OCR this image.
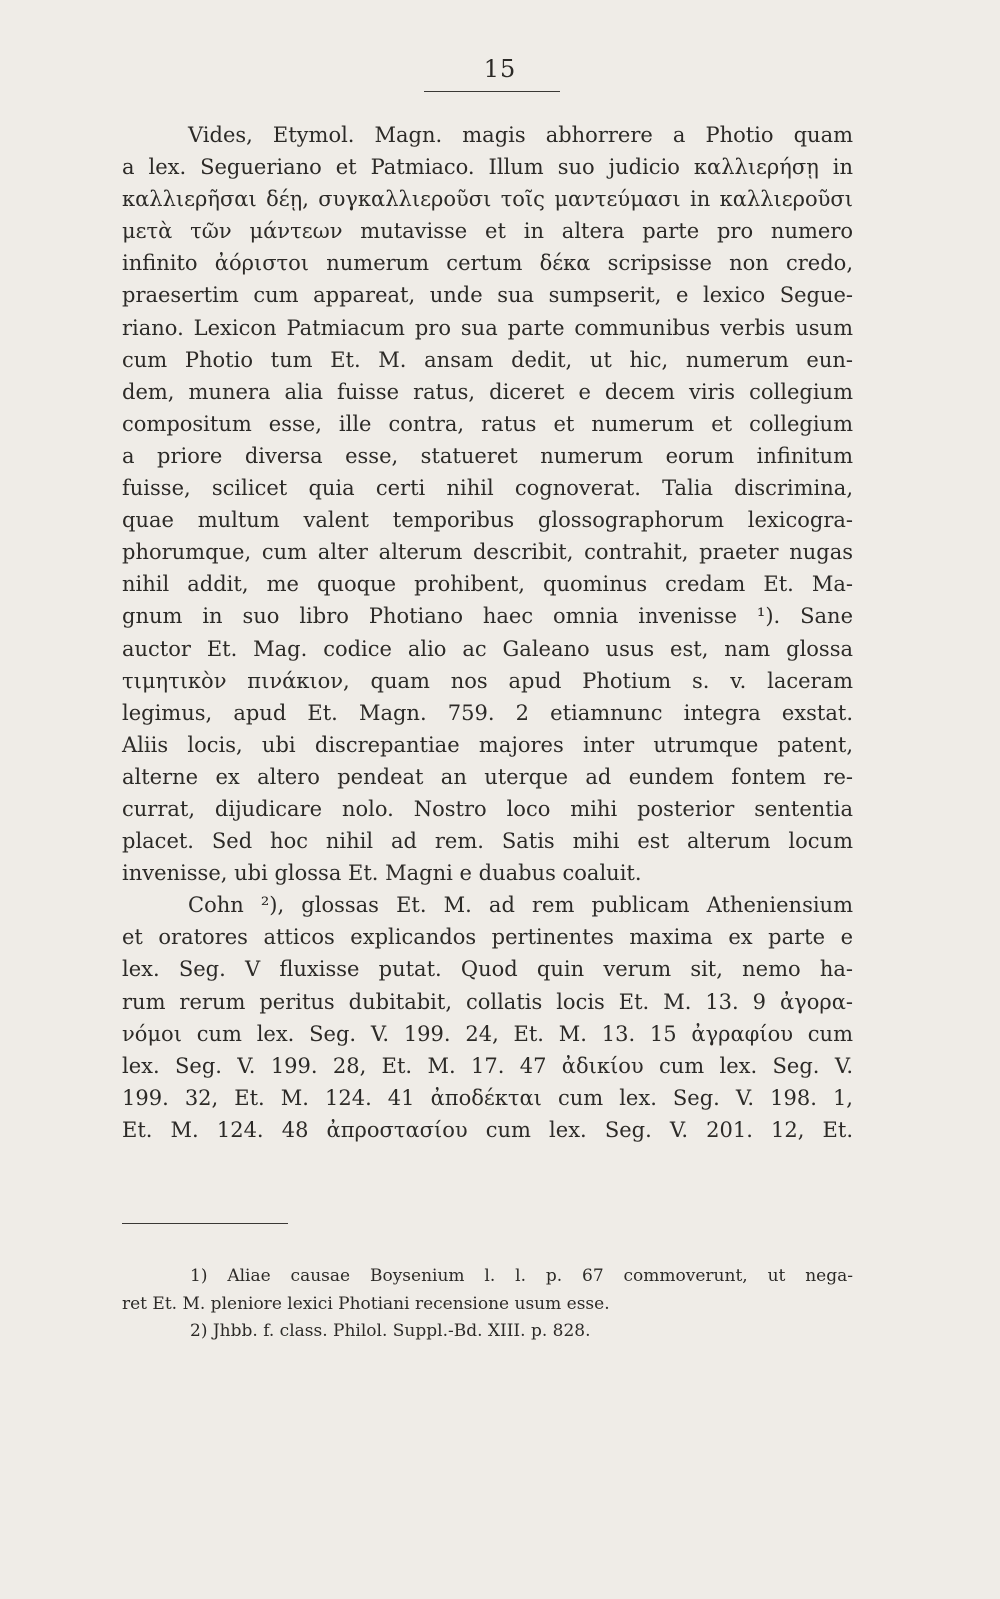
15
Vides, Etymol. Magn. magis abhorrere a Photio quam
a lex. Segueriano et Patmiaco. Illum suo judicio καλλιερήσῃ in
καλλιερῆσαι δέῃ, συγκαλλιεροῦσι τοῖς μαντεύμασι in καλλιεροῦσι
μετὰ τῶν μάντεων mutavisse et in altera parte pro numero
infinito ἀόριστοι numerum certum δέκα scripsisse non credo,
praesertim cum appareat, unde sua sumpserit, e lexico Segue-
riano. Lexicon Patmiacum pro sua parte communibus verbis usum
cum Photio tum Et. M. ansam dedit, ut hic, numerum eun-
dem, munera alia fuisse ratus, diceret e decem viris collegium
compositum esse, ille contra, ratus et numerum et collegium
a priore diversa esse, statueret numerum eorum infinitum
fuisse, scilicet quia certi nihil cognoverat. Talia discrimina,
quae multum valent temporibus glossographorum lexicogra-
phorumque, cum alter alterum describit, contrahit, praeter nugas
nihil addit, me quoque prohibent, quominus credam Et. Ma-
gnum in suo libro Photiano haec omnia invenisse ¹). Sane
auctor Et. Mag. codice alio ac Galeano usus est, nam glossa
τιμητικὸν πινάκιον, quam nos apud Photium s. v. laceram
legimus, apud Et. Magn. 759. 2 etiamnunc integra exstat.
Aliis locis, ubi discrepantiae majores inter utrumque patent,
alterne ex altero pendeat an uterque ad eundem fontem re-
currat, dijudicare nolo. Nostro loco mihi posterior sententia
placet. Sed hoc nihil ad rem. Satis mihi est alterum locum
invenisse, ubi glossa Et. Magni e duabus coaluit.
Cohn ²), glossas Et. M. ad rem publicam Atheniensium
et oratores atticos explicandos pertinentes maxima ex parte e
lex. Seg. V fluxisse putat. Quod quin verum sit, nemo ha-
rum rerum peritus dubitabit, collatis locis Et. M. 13. 9 ἀγορα-
νόμοι cum lex. Seg. V. 199. 24, Et. M. 13. 15 ἀγραφίου cum
lex. Seg. V. 199. 28, Et. M. 17. 47 ἀδικίου cum lex. Seg. V.
199. 32, Et. M. 124. 41 ἀποδέκται cum lex. Seg. V. 198. 1,
Et. M. 124. 48 ἀπροστασίου cum lex. Seg. V. 201. 12, Et.
1) Aliae causae Boysenium l. l. p. 67 commoverunt, ut nega-
ret Et. M. pleniore lexici Photiani recensione usum esse.
2) Jhbb. f. class. Philol. Suppl.-Bd. XIII. p. 828.
